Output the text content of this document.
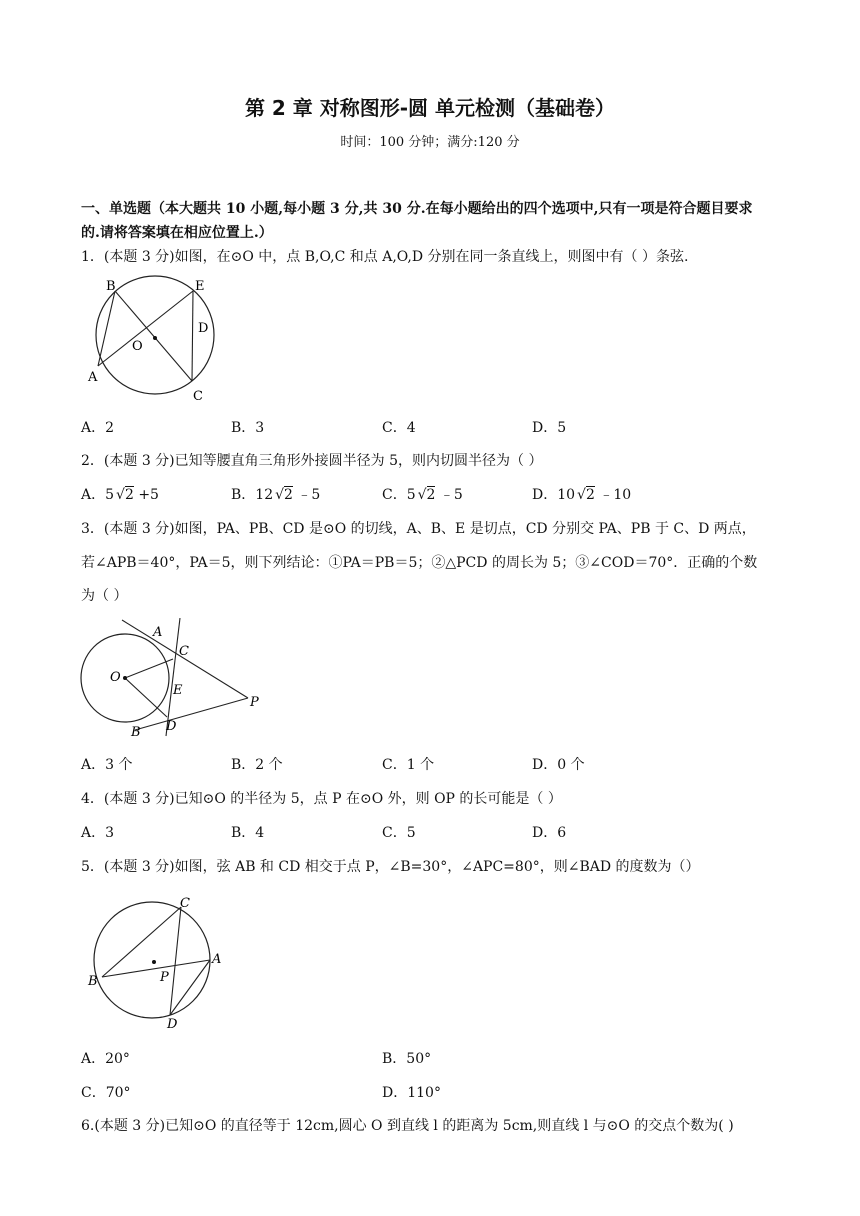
第 2 章 对称图形-圆 单元检测（基础卷）
时间：100 分钟；满分:120 分
一、单选题（本大题共 10 小题,每小题 3 分,共 30 分.在每小题给出的四个选项中,只有一项是符合题目要求
的.请将答案填在相应位置上.）
1．(本题 3 分)如图，在⊙O 中，点 B,O,C 和点 A,O,D 分别在同一条直线上，则图中有（ ）条弦.
B	E
D
O
A
C
A．2	B．3	C．4	D．5
2．(本题 3 分)已知等腰直角三角形外接圆半径为 5，则内切圆半径为（ ）
A．5 √2 +5	B．12 √2 ﹣5	C．5 √2 ﹣5	D．10 √2 ﹣10
3．(本题 3 分)如图，PA、PB、CD 是⊙O 的切线，A、B、E 是切点，CD 分别交 PA、PB 于 C、D 两点，
若∠APB＝40°，PA＝5，则下列结论：①PA＝PB＝5；②△PCD 的周长为 5；③∠COD＝70°．正确的个数
为（ ）
A
C
O
E
P
B D
A．3 个	B．2 个	C．1 个	D．0 个
4．(本题 3 分)已知⊙O 的半径为 5，点 P 在⊙O 外，则 OP 的长可能是（ ）
A．3	B．4	C．5	D．6
5．(本题 3 分)如图，弦 AB 和 CD 相交于点 P，∠B=30°，∠APC=80°，则∠BAD 的度数为（）
C
B	P
A
D
A．20°	B．50°
C．70°	D．110°
6.(本题 3 分)已知⊙O 的直径等于 12cm,圆心 O 到直线 l 的距离为 5cm,则直线 l 与⊙O 的交点个数为( )
